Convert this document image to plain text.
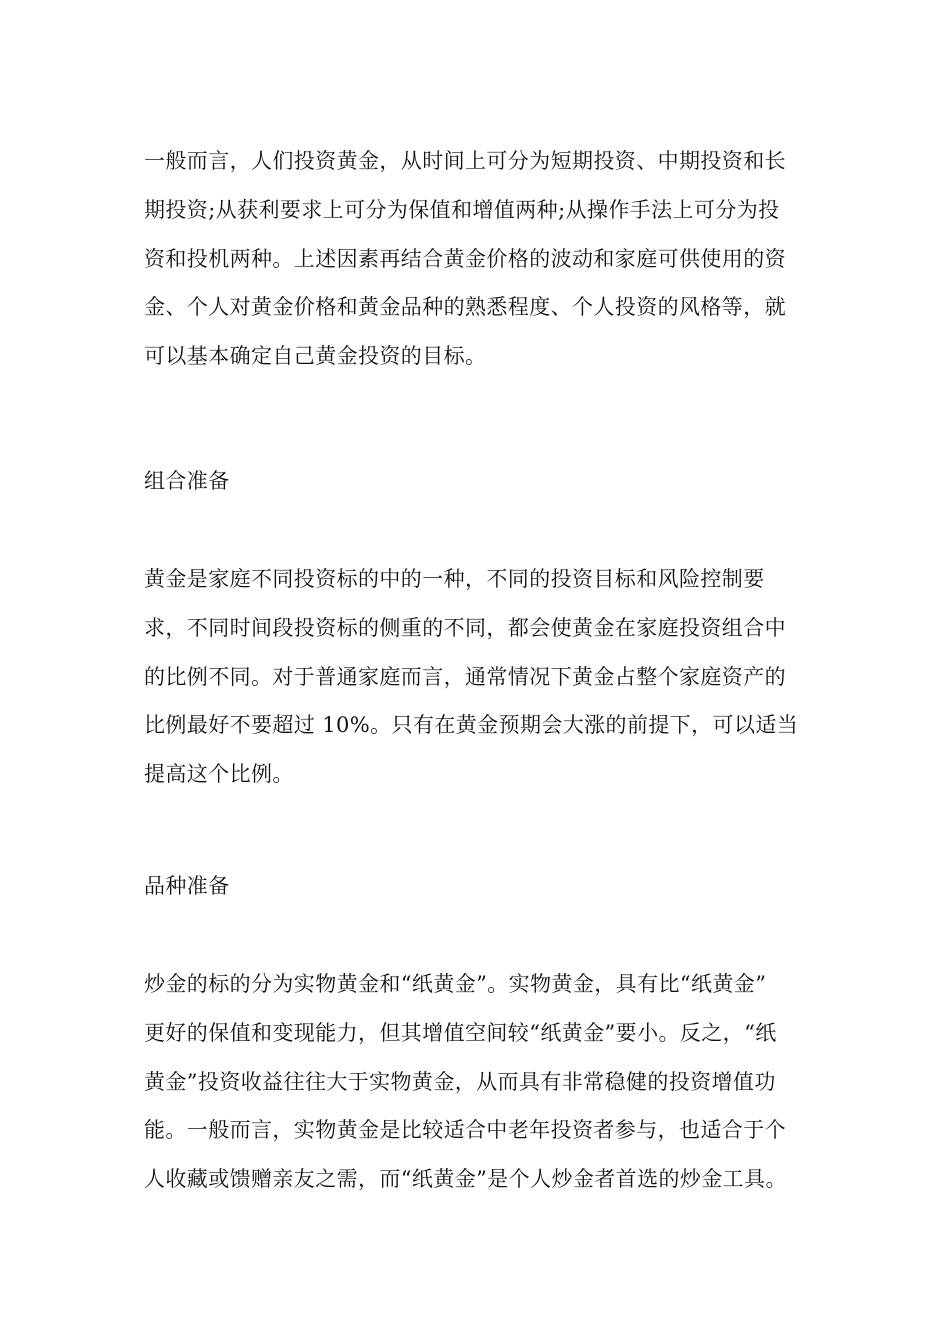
一般而言，人们投资黄金，从时间上可分为短期投资、中期投资和长
期投资;从获利要求上可分为保值和增值两种;从操作手法上可分为投
资和投机两种。上述因素再结合黄金价格的波动和家庭可供使用的资
金、个人对黄金价格和黄金品种的熟悉程度、个人投资的风格等，就
可以基本确定自己黄金投资的目标。
组合准备
黄金是家庭不同投资标的中的一种，不同的投资目标和风险控制要
求，不同时间段投资标的侧重的不同，都会使黄金在家庭投资组合中
的比例不同。对于普通家庭而言，通常情况下黄金占整个家庭资产的
比例最好不要超过 10%。只有在黄金预期会大涨的前提下，可以适当
提高这个比例。
品种准备
炒金的标的分为实物黄金和“纸黄金”。实物黄金，具有比“纸黄金”
更好的保值和变现能力，但其增值空间较“纸黄金”要小。反之，“纸
黄金”投资收益往往大于实物黄金，从而具有非常稳健的投资增值功
能。一般而言，实物黄金是比较适合中老年投资者参与，也适合于个
人收藏或馈赠亲友之需，而“纸黄金”是个人炒金者首选的炒金工具。
